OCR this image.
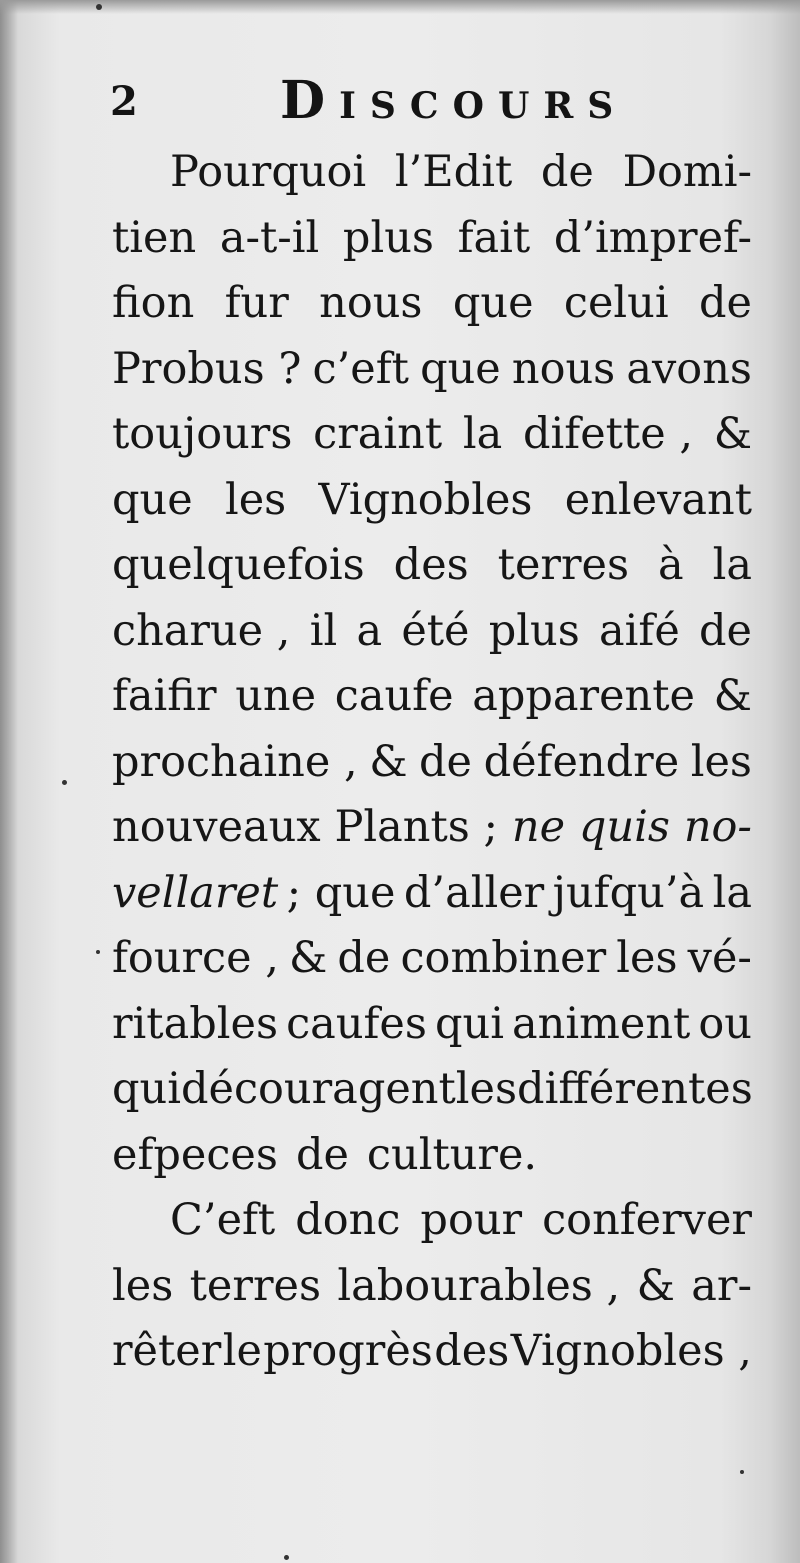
2	Discours
Pourquoi l’Edit de Domi-
tien a-t-il plus fait d’impref-
fion fur nous que celui de
Probus ? c’eft que nous avons
toujours craint la difette , &
que les Vignobles enlevant
quelquefois des terres à la
charue , il a été plus aifé de
faifir une caufe apparente &
prochaine , & de défendre les
nouveaux Plants ; ne quis no-
vellaret ; que d’aller jufqu’à la
fource , & de combiner les vé-
ritables caufes qui animent ou
qui découragent les différentes
efpeces de culture.
C’eft donc pour conferver
les terres labourables , & ar-
rêter le progrès des Vignobles ,
